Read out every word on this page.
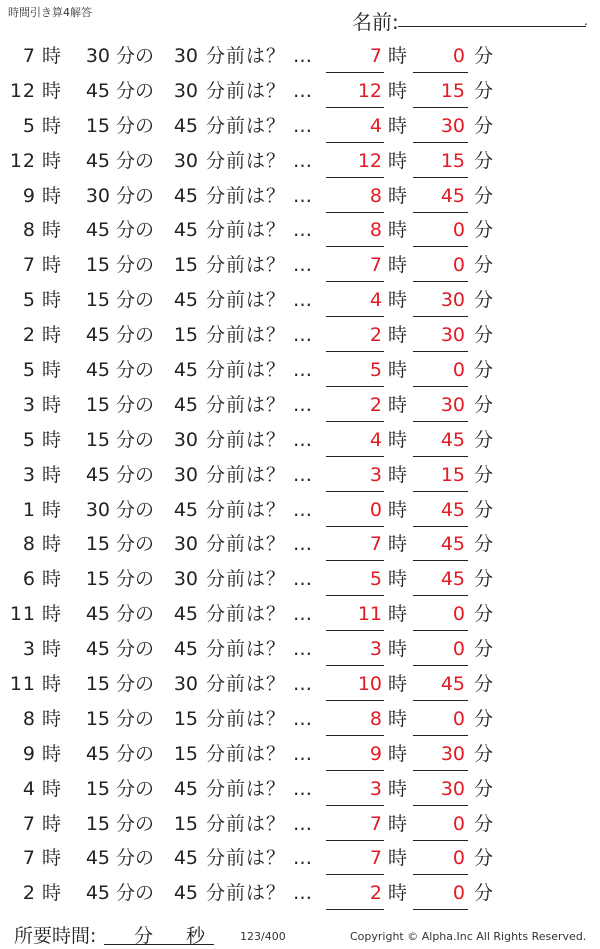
時間引き算4解答	名前:	.
7 時	30 分の	30 分前は？ …	7 時	0 分
12 時	45 分の	30 分前は？ …	12 時	15 分
5 時	15 分の	45 分前は？ …	4 時	30 分
12 時	45 分の	30 分前は？ …	12 時	15 分
9 時	30 分の	45 分前は？ …	8 時	45 分
8 時	45 分の	45 分前は？ …	8 時	0 分
7 時	15 分の	15 分前は？ …	7 時	0 分
5 時	15 分の	45 分前は？ …	4 時	30 分
2 時	45 分の	15 分前は？ …	2 時	30 分
5 時	45 分の	45 分前は？ …	5 時	0 分
3 時	15 分の	45 分前は？ …	2 時	30 分
5 時	15 分の	30 分前は？ …	4 時	45 分
3 時	45 分の	30 分前は？ …	3 時	15 分
1 時	30 分の	45 分前は？ …	0 時	45 分
8 時	15 分の	30 分前は？ …	7 時	45 分
6 時	15 分の	30 分前は？ …	5 時	45 分
11 時	45 分の	45 分前は？ …	11 時	0 分
3 時	45 分の	45 分前は？ …	3 時	0 分
11 時	15 分の	30 分前は？ …	10 時	45 分
8 時	15 分の	15 分前は？ …	8 時	0 分
9 時	45 分の	15 分前は？ …	9 時	30 分
4 時	15 分の	45 分前は？ …	3 時	30 分
7 時	15 分の	15 分前は？ …	7 時	0 分
7 時	45 分の	45 分前は？ …	7 時	0 分
2 時	45 分の	45 分前は？ …	2 時	0 分
所要時間: 分 秒	123/400	Copyright © Alpha.Inc All Rights Reserved.
